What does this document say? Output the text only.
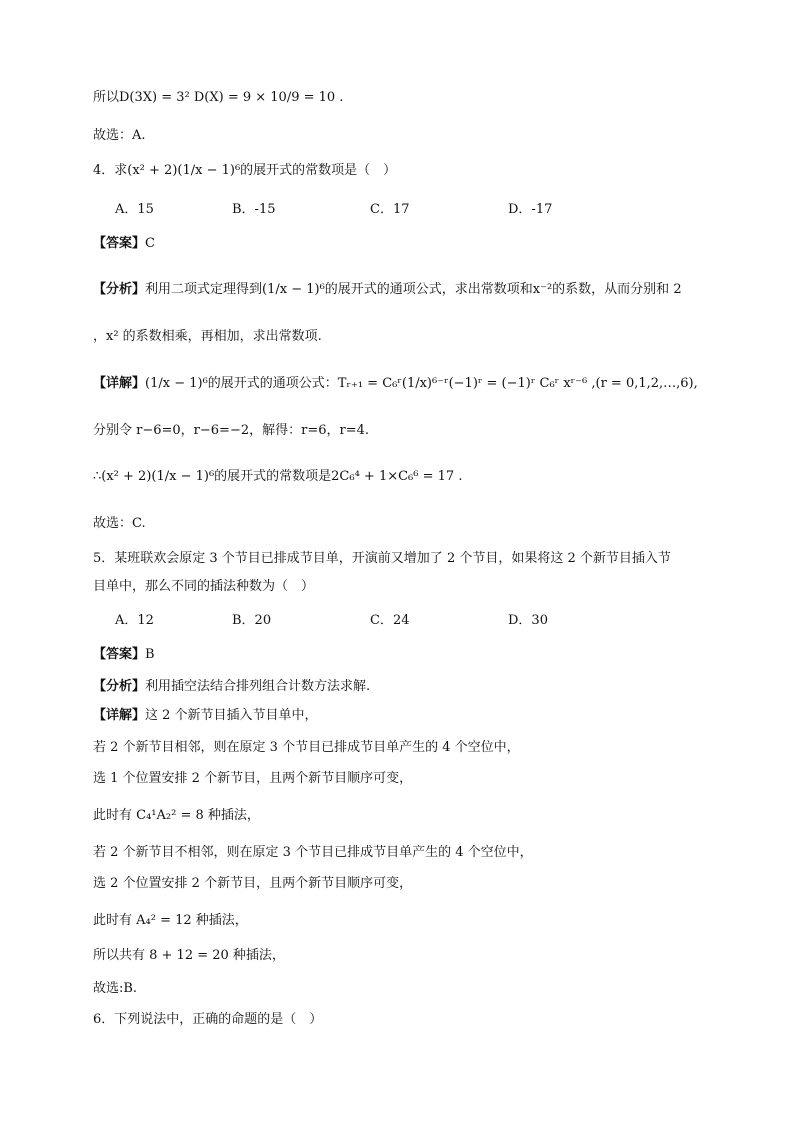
所以D(3X) = 3² D(X) = 9 × 10/9 = 10 .
故选：A.
4．求(x² + 2)(1/x − 1)⁶的展开式的常数项是（　）
A．15	B．-15	C．17	D．-17
【答案】C
【分析】利用二项式定理得到(1/x − 1)⁶的展开式的通项公式，求出常数项和x⁻²的系数，从而分别和 2
，x² 的系数相乘，再相加，求出常数项.
【详解】(1/x − 1)⁶的展开式的通项公式：Tᵣ₊₁ = C₆ʳ(1/x)⁶⁻ʳ(−1)ʳ = (−1)ʳ C₆ʳ xʳ⁻⁶ ,(r = 0,1,2,…,6),
分别令 r−6=0，r−6=−2，解得：r=6，r=4.
∴(x² + 2)(1/x − 1)⁶的展开式的常数项是2C₆⁴ + 1×C₆⁶ = 17 .
故选：C.
5．某班联欢会原定 3 个节目已排成节目单，开演前又增加了 2 个节目，如果将这 2 个新节目插入节
目单中，那么不同的插法种数为（　）
A．12	B．20	C．24	D．30
【答案】B
【分析】利用插空法结合排列组合计数方法求解.
【详解】这 2 个新节目插入节目单中，
若 2 个新节目相邻，则在原定 3 个节目已排成节目单产生的 4 个空位中，
选 1 个位置安排 2 个新节目，且两个新节目顺序可变，
此时有 C₄¹A₂² = 8 种插法，
若 2 个新节目不相邻，则在原定 3 个节目已排成节目单产生的 4 个空位中，
选 2 个位置安排 2 个新节目，且两个新节目顺序可变，
此时有 A₄² = 12 种插法，
所以共有 8 + 12 = 20 种插法，
故选:B.
6．下列说法中，正确的命题的是（　）
